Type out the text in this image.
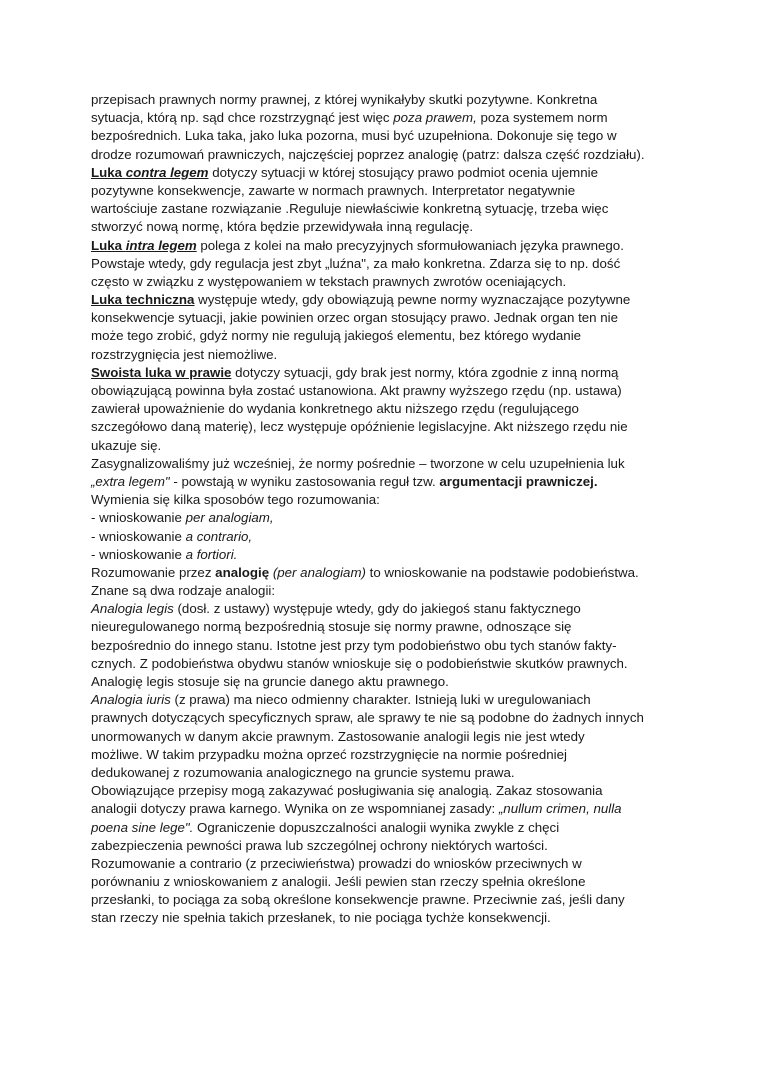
przepisach prawnych normy prawnej, z której wynikałyby skutki pozytywne. Konkretna
sytuacja, którą np. sąd chce rozstrzygnąć jest więc poza prawem, poza systemem norm
bezpośrednich. Luka taka, jako luka pozorna, musi być uzupełniona. Dokonuje się tego w
drodze rozumowań prawniczych, najczęściej poprzez analogię (patrz: dalsza część rozdziału).
Luka contra legem dotyczy sytuacji w której stosujący prawo podmiot ocenia ujemnie
pozytywne konsekwencje, zawarte w normach prawnych. Interpretator negatywnie
wartościuje zastane rozwiązanie .Reguluje niewłaściwie konkretną sytuację, trzeba więc
stworzyć nową normę, która będzie przewidywała inną regulację.
Luka intra legem polega z kolei na mało precyzyjnych sformułowaniach języka prawnego.
Powstaje wtedy, gdy regulacja jest zbyt „luźna", za mało konkretna. Zdarza się to np. dość
często w związku z występowaniem w tekstach prawnych zwrotów oceniających.
Luka techniczna występuje wtedy, gdy obowiązują pewne normy wyznaczające pozytywne
konsekwencje sytuacji, jakie powinien orzec organ stosujący prawo. Jednak organ ten nie
może tego zrobić, gdyż normy nie regulują jakiegoś elementu, bez którego wydanie
rozstrzygnięcia jest niemożliwe.
Swoista luka w prawie dotyczy sytuacji, gdy brak jest normy, która zgodnie z inną normą
obowiązującą powinna była zostać ustanowiona. Akt prawny wyższego rzędu (np. ustawa)
zawierał upoważnienie do wydania konkretnego aktu niższego rzędu (regulującego
szczegółowo daną materię), lecz występuje opóźnienie legislacyjne. Akt niższego rzędu nie
ukazuje się.
Zasygnalizowaliśmy już wcześniej, że normy pośrednie – tworzone w celu uzupełnienia luk
„extra legem" - powstają w wyniku zastosowania reguł tzw. argumentacji prawniczej.
Wymienia się kilka sposobów tego rozumowania:
- wnioskowanie per analogiam,
- wnioskowanie a contrario,
- wnioskowanie a fortiori.
Rozumowanie przez analogię (per analogiam) to wnioskowanie na podstawie podobieństwa.
Znane są dwa rodzaje analogii:
Analogia legis (dosł. z ustawy) występuje wtedy, gdy do jakiegoś stanu faktycznego
nieuregulowanego normą bezpośrednią stosuje się normy prawne, odnoszące się
bezpośrednio do innego stanu. Istotne jest przy tym podobieństwo obu tych stanów fakty-
cznych. Z podobieństwa obydwu stanów wnioskuje się o podobieństwie skutków prawnych.
Analogię legis stosuje się na gruncie danego aktu prawnego.
Analogia iuris (z prawa) ma nieco odmienny charakter. Istnieją luki w uregulowaniach
prawnych dotyczących specyficznych spraw, ale sprawy te nie są podobne do żadnych innych
unormowanych w danym akcie prawnym. Zastosowanie analogii legis nie jest wtedy
możliwe. W takim przypadku można oprzeć rozstrzygnięcie na normie pośredniej
dedukowanej z rozumowania analogicznego na gruncie systemu prawa.
Obowiązujące przepisy mogą zakazywać posługiwania się analogią. Zakaz stosowania
analogii dotyczy prawa karnego. Wynika on ze wspomnianej zasady: „nullum crimen, nulla
poena sine lege". Ograniczenie dopuszczalności analogii wynika zwykle z chęci
zabezpieczenia pewności prawa lub szczególnej ochrony niektórych wartości.
Rozumowanie a contrario (z przeciwieństwa) prowadzi do wniosków przeciwnych w
porównaniu z wnioskowaniem z analogii. Jeśli pewien stan rzeczy spełnia określone
przesłanki, to pociąga za sobą określone konsekwencje prawne. Przeciwnie zaś, jeśli dany
stan rzeczy nie spełnia takich przesłanek, to nie pociąga tychże konsekwencji.
